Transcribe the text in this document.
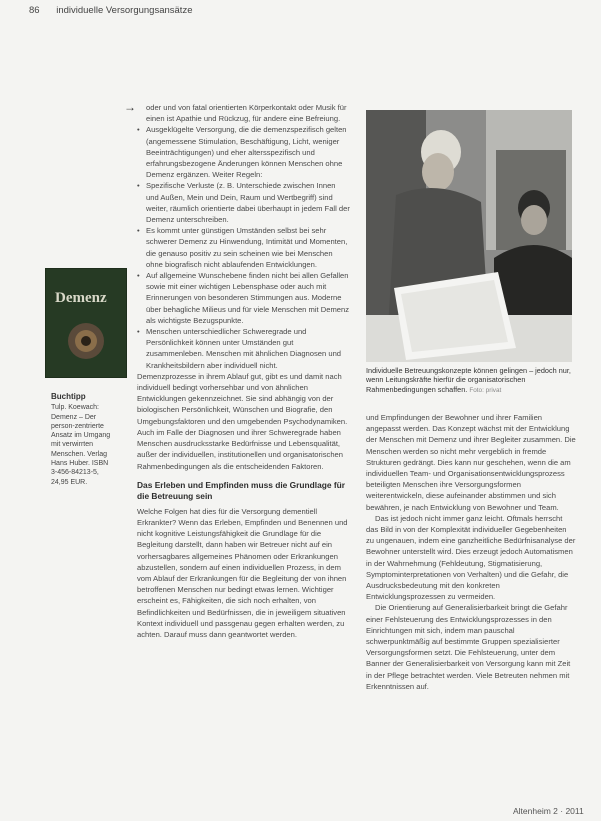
86 individuelle Versorgungsansätze
→	oder und von fatal orientierten Körperkontakt oder Musik für einen ist Apathie und Rückzug, für andere eine Befreiung.

• Ausgeklügelte Versorgung, die die demenzspezifisch gelten (angemessene Stimulation, Beschäftigung, Licht, weniger Beeinträchtigungen) und eher altersspezifisch und erfahrungsbezogene Änderungen können Menschen ohne Demenz ergänzen. Weiter Regeln:
• Spezifische Verluste (z. B. Unterschiede zwischen Innen und Außen, Mein und Dein, Raum und Wertbegriff) sind weiter, räumlich orientierte dabei überhaupt in jedem Fall der Demenz unterschreiben.
• Es kommt unter günstigen Umständen selbst bei sehr schwerer Demenz zu Hinwendung, Intimität und Momenten, die genauso positiv zu sein scheinen wie bei Menschen ohne biografisch nicht ablaufenden Entwicklungen.
• Auf allgemeine Wunschebene finden nicht bei allen Gefallen sowie mit einer wichtigen Lebensphase oder auch mit Erinnerungen von besonderen Stimmungen aus. Moderne über behagliche Milieus und für viele Menschen mit Demenz als wichtigste Bezugspunkte.
• Menschen unterschiedlicher Schweregrade und Persönlichkeit können unter Umständen gut zusammenleben. Menschen mit ähnlichen Diagnosen und Krankheitsbildern aber individuell nicht.

Demenzprozesse in ihrem Ablauf gut, gibt es und damit nach individuell bedingt vorhersehbar und von ähnlichen Entwicklungen gekennzeichnet. Sie sind abhängig von der biologischen Persönlichkeit, Wünschen und Biografie, den Umgebungsfaktoren und den umgebenden Psychodynamiken. Auch im Falle der Diagnosen und ihrer Schweregrade haben Menschen ausdrucksstarke Bedürfnisse und Lebensqualität, außer der individuellen, institutionellen und organisatorischen Rahmenbedingungen als die entscheidenden Faktoren.

Das Erleben und Empfinden muss die Grundlage für die Betreuung sein

Welche Folgen hat dies für die Versorgung dementiell Erkrankter? Wenn das Erleben, Empfinden und Benennen und nicht kognitive Leistungsfähigkeit die Grundlage für die Begleitung darstellt, dann haben wir Betreuer nicht auf ein vorhersagbares allgemeines Phänomen oder Erkrankungen abzustellen, sondern auf einen individuellen Prozess, in dem vom Ablauf der Erkrankungen für die Begleitung der von ihnen betroffenen Menschen nur bedingt etwas lernen. Wichtiger erscheint es, Fähigkeiten, die sich noch erhalten, von Befindlichkeiten und Bedürfnissen, die in jeweiligem situativen Kontext individuell und passgenau gegen erhalten werden, zu achten. Darauf muss dann geantwortet werden.

Demenz
Buchtipp
Tulp. Koewach:
Demenz – Der
person-zentrierte
Ansatz im Umgang
mit verwirrten
Menschen. Verlag
Hans Huber. ISBN
3-456-84213-5,
24,95 EUR.
Individuelle Betreuungskonzepte können gelingen – jedoch nur, wenn Leitungskräfte hierfür die organisatorischen Rahmenbedingungen schaffen. Foto: privat

und Empfindungen der Bewohner und ihrer Familien angepasst werden. Das Konzept wächst mit der Entwicklung der Menschen mit Demenz und ihrer Begleiter zusammen. Die Menschen werden so nicht mehr vergeblich in fremde Strukturen gedrängt. Dies kann nur geschehen, wenn die am individuellen Team- und Organisationsentwicklungsprozess beteiligten Menschen ihre Versorgungsformen weiterentwickeln, diese aufeinander abstimmen und sich bewähren, je nach Entwicklung von Bewohner und Team.

Das ist jedoch nicht immer ganz leicht. Oftmals herrscht das Bild in von der Komplexität individueller Gegebenheiten zu ungenauen, indem eine ganzheitliche Bedürfnisanalyse der Bewohner unterstellt wird. Dies erzeugt jedoch Automatismen in der Wahrnehmung (Fehldeutung, Stigmatisierung, Symptominterpretationen von Verhalten) und die Gefahr, die Ausdrucksbedeutung mit den konkreten Entwicklungsprozessen zu vermeiden.

Die Orientierung auf Generalisierbarkeit bringt die Gefahr einer Fehlsteuerung des Entwicklungsprozesses in den Einrichtungen mit sich, indem man pauschal schwerpunktmäßig auf bestimmte Gruppen spezialisierter Versorgungsformen setzt. Die Fehlsteuerung, unter dem Banner der Generalisierbarkeit von Versorgung kann mit Zeit in der Pflege betrachtet werden. Viele Betreuten nehmen mit Erkenntnissen auf.

Altenheim 2 · 2011
